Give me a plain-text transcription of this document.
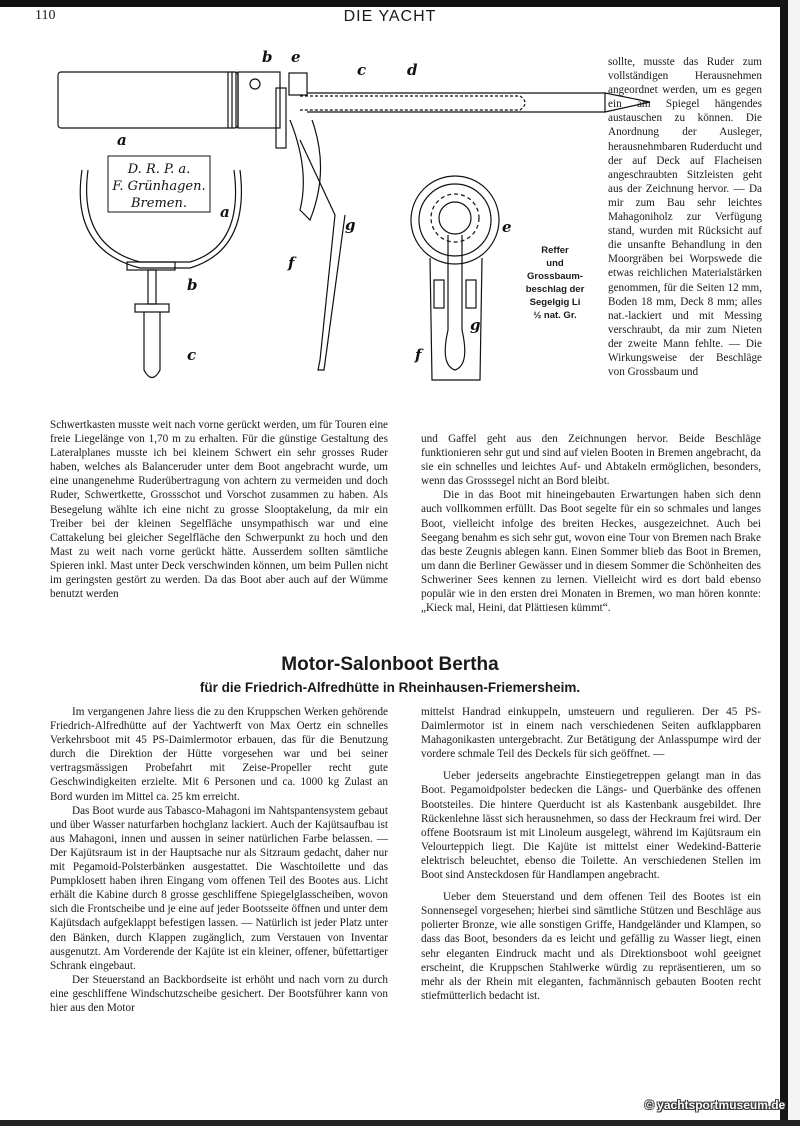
110	DIE YACHT
a
b e
c	d
a
b
c
f
g	e
g
f
D. R. P. a.
F. Grünhagen.
Bremen.
Reffer
und
Grossbaum-
beschlag der
Segelgig Li
½ nat. Gr.

sollte, musste das Ruder zum vollständigen Herausnehmen angeordnet werden, um es gegen ein am Spiegel hängendes austauschen zu können. Die Anordnung der Ausleger, herausnehmbaren Ruderducht und der auf Deck auf Flacheisen angeschraubten Sitzleisten geht aus der Zeichnung hervor. — Da mir zum Bau sehr leichtes Mahagoniholz zur Verfügung stand, wurden mit Rücksicht auf die unsanfte Behandlung in den Moorgräben bei Worpswede die etwas reichlichen Materialstärken genommen, für die Seiten 12 mm, Boden 18 mm, Deck 8 mm; alles nat.-lackiert und mit Messing verschraubt, da mir zum Nieten der zweite Mann fehlte. — Die Wirkungsweise der Beschläge von Grossbaum und

Schwertkasten musste weit nach vorne gerückt werden, um für Touren eine freie Liegelänge von 1,70 m zu erhalten. Für die günstige Gestaltung des Lateralplanes musste ich bei kleinem Schwert ein sehr grosses Ruder haben, welches als Balanceruder unter dem Boot angebracht wurde, um eine unangenehme Ruderübertragung von achtern zu vermeiden und doch Ruder, Schwertkette, Grossschot und Vorschot zusammen zu haben. Als Besegelung wählte ich eine nicht zu grosse Slooptakelung, da mir ein Treiber bei der kleinen Segelfläche unsympathisch war und eine Cattakelung bei gleicher Segelfläche den Schwerpunkt zu hoch und den Mast zu weit nach vorne gerückt hätte. Ausserdem sollten sämtliche Spieren inkl. Mast unter Deck verschwinden können, um beim Pullen nicht im geringsten gestört zu werden. Da das Boot aber auch auf der Wümme benutzt werden

und Gaffel geht aus den Zeichnungen hervor. Beide Beschläge funktionieren sehr gut und sind auf vielen Booten in Bremen angebracht, da sie ein schnelles und leichtes Auf- und Abtakeln ermöglichen, besonders, wenn das Grosssegel nicht an Bord bleibt.

Die in das Boot mit hineingebauten Erwartungen haben sich denn auch vollkommen erfüllt. Das Boot segelte für ein so schmales und langes Boot, vielleicht infolge des breiten Heckes, ausgezeichnet. Auch bei Seegang benahm es sich sehr gut, wovon eine Tour von Bremen nach Brake das beste Zeugnis ablegen kann. Einen Sommer blieb das Boot in Bremen, um dann die Berliner Gewässer und in diesem Sommer die Schönheiten des Schweriner Sees kennen zu lernen. Vielleicht wird es dort bald ebenso populär wie in den ersten drei Monaten in Bremen, wo man hören konnte: „Kieck mal, Heini, dat Plättiesen kümmt“.

Motor-Salonboot Bertha
für die Friedrich-Alfredhütte in Rheinhausen-Friemersheim.

Im vergangenen Jahre liess die zu den Kruppschen Werken gehörende Friedrich-Alfredhütte auf der Yachtwerft von Max Oertz ein schnelles Verkehrsboot mit 45 PS-Daimlermotor erbauen, das für die Benutzung durch die Direktion der Hütte vorgesehen war und bei seiner vertragsmässigen Probefahrt mit Zeise-Propeller recht gute Geschwindigkeiten erzielte. Mit 6 Personen und ca. 1000 kg Zulast an Bord wurden im Mittel ca. 25 km erreicht.

Das Boot wurde aus Tabasco-Mahagoni im Nahtspantensystem gebaut und über Wasser naturfarben hochglanz lackiert. Auch der Kajütsaufbau ist aus Mahagoni, innen und aussen in seiner natürlichen Farbe belassen. — Der Kajütsraum ist in der Hauptsache nur als Sitzraum gedacht, daher nur mit Pegamoid-Polsterbänken ausgestattet. Die Waschtoilette und das Pumpklosett haben ihren Eingang vom offenen Teil des Bootes aus. Licht erhält die Kabine durch 8 grosse geschliffene Spiegelglasscheiben, wovon sich die Frontscheibe und je eine auf jeder Bootsseite öffnen und unter dem Kajütsdach aufgeklappt befestigen lassen. — Natürlich ist jeder Platz unter den Bänken, durch Klappen zugänglich, zum Verstauen von Inventar ausgenutzt. Am Vorderende der Kajüte ist ein kleiner, offener, büfettartiger Schrank eingebaut.

Der Steuerstand an Backbordseite ist erhöht und nach vorn zu durch eine geschliffene Windschutzscheibe gesichert. Der Bootsführer kann von hier aus den Motor

mittelst Handrad einkuppeln, umsteuern und regulieren. Der 45 PS-Daimlermotor ist in einem nach verschiedenen Seiten aufklappbaren Mahagonikasten untergebracht. Zur Betätigung der Anlasspumpe wird der vordere schmale Teil des Deckels für sich geöffnet. —

Ueber jederseits angebrachte Einstiegetreppen gelangt man in das Boot. Pegamoidpolster bedecken die Längs- und Querbänke des offenen Bootsteiles. Die hintere Querducht ist als Kastenbank ausgebildet. Ihre Rückenlehne lässt sich herausnehmen, so dass der Heckraum frei wird. Der offene Bootsraum ist mit Linoleum ausgelegt, während im Kajütsraum ein Velourteppich liegt. Die Kajüte ist mittelst einer Wedekind-Batterie elektrisch beleuchtet, ebenso die Toilette. An verschiedenen Stellen im Boot sind Ansteckdosen für Handlampen angebracht.

Ueber dem Steuerstand und dem offenen Teil des Bootes ist ein Sonnensegel vorgesehen; hierbei sind sämtliche Stützen und Beschläge aus polierter Bronze, wie alle sonstigen Griffe, Handgeländer und Klampen, so dass das Boot, besonders da es leicht und gefällig zu Wasser liegt, einen sehr eleganten Eindruck macht und als Direktionsboot wohl geeignet erscheint, die Kruppschen Stahlwerke würdig zu repräsentieren, um so mehr als der Rhein mit eleganten, fachmännisch gebauten Booten recht stiefmütterlich bedacht ist.

© yachtsportmuseum.de
